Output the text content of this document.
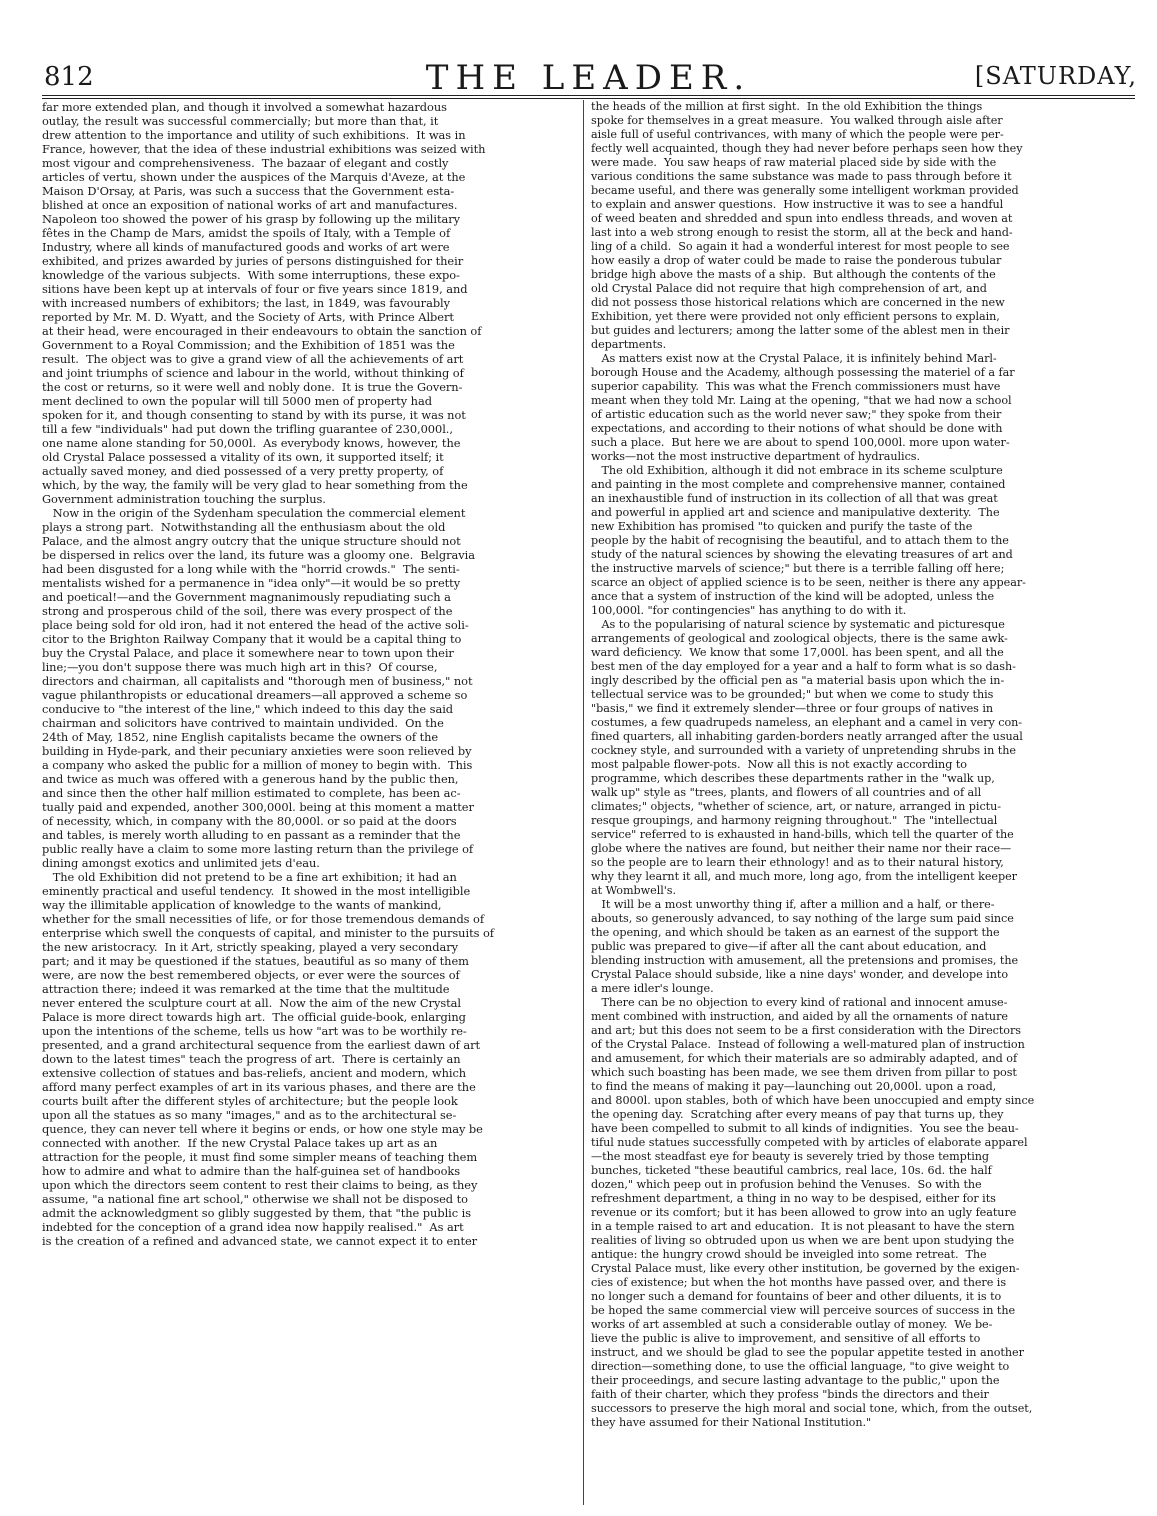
812	THE LEADER.	[SATURDAY,
far more extended plan, and though it involved a somewhat hazardous
outlay, the result was successful commercially; but more than that, it
drew attention to the importance and utility of such exhibitions.  It was in
France, however, that the idea of these industrial exhibitions was seized with
most vigour and comprehensiveness.  The bazaar of elegant and costly
articles of vertu, shown under the auspices of the Marquis d'Aveze, at the
Maison D'Orsay, at Paris, was such a success that the Government esta-
blished at once an exposition of national works of art and manufactures.
Napoleon too showed the power of his grasp by following up the military
fêtes in the Champ de Mars, amidst the spoils of Italy, with a Temple of
Industry, where all kinds of manufactured goods and works of art were
exhibited, and prizes awarded by juries of persons distinguished for their
knowledge of the various subjects.  With some interruptions, these expo-
sitions have been kept up at intervals of four or five years since 1819, and
with increased numbers of exhibitors; the last, in 1849, was favourably
reported by Mr. M. D. Wyatt, and the Society of Arts, with Prince Albert
at their head, were encouraged in their endeavours to obtain the sanction of
Government to a Royal Commission; and the Exhibition of 1851 was the
result.  The object was to give a grand view of all the achievements of art
and joint triumphs of science and labour in the world, without thinking of
the cost or returns, so it were well and nobly done.  It is true the Govern-
ment declined to own the popular will till 5000 men of property had
spoken for it, and though consenting to stand by with its purse, it was not
till a few "individuals" had put down the trifling guarantee of 230,000l.,
one name alone standing for 50,000l.  As everybody knows, however, the
old Crystal Palace possessed a vitality of its own, it supported itself; it
actually saved money, and died possessed of a very pretty property, of
which, by the way, the family will be very glad to hear something from the
Government administration touching the surplus.
Now in the origin of the Sydenham speculation the commercial element
plays a strong part.  Notwithstanding all the enthusiasm about the old
Palace, and the almost angry outcry that the unique structure should not
be dispersed in relics over the land, its future was a gloomy one.  Belgravia
had been disgusted for a long while with the "horrid crowds."  The senti-
mentalists wished for a permanence in "idea only"—it would be so pretty
and poetical!—and the Government magnanimously repudiating such a
strong and prosperous child of the soil, there was every prospect of the
place being sold for old iron, had it not entered the head of the active soli-
citor to the Brighton Railway Company that it would be a capital thing to
buy the Crystal Palace, and place it somewhere near to town upon their
line;—you don't suppose there was much high art in this?  Of course,
directors and chairman, all capitalists and "thorough men of business," not
vague philanthropists or educational dreamers—all approved a scheme so
conducive to "the interest of the line," which indeed to this day the said
chairman and solicitors have contrived to maintain undivided.  On the
24th of May, 1852, nine English capitalists became the owners of the
building in Hyde-park, and their pecuniary anxieties were soon relieved by
a company who asked the public for a million of money to begin with.  This
and twice as much was offered with a generous hand by the public then,
and since then the other half million estimated to complete, has been ac-
tually paid and expended, another 300,000l. being at this moment a matter
of necessity, which, in company with the 80,000l. or so paid at the doors
and tables, is merely worth alluding to en passant as a reminder that the
public really have a claim to some more lasting return than the privilege of
dining amongst exotics and unlimited jets d'eau.
The old Exhibition did not pretend to be a fine art exhibition; it had an
eminently practical and useful tendency.  It showed in the most intelligible
way the illimitable application of knowledge to the wants of mankind,
whether for the small necessities of life, or for those tremendous demands of
enterprise which swell the conquests of capital, and minister to the pursuits of
the new aristocracy.  In it Art, strictly speaking, played a very secondary
part; and it may be questioned if the statues, beautiful as so many of them
were, are now the best remembered objects, or ever were the sources of
attraction there; indeed it was remarked at the time that the multitude
never entered the sculpture court at all.  Now the aim of the new Crystal
Palace is more direct towards high art.  The official guide-book, enlarging
upon the intentions of the scheme, tells us how "art was to be worthily re-
presented, and a grand architectural sequence from the earliest dawn of art
down to the latest times" teach the progress of art.  There is certainly an
extensive collection of statues and bas-reliefs, ancient and modern, which
afford many perfect examples of art in its various phases, and there are the
courts built after the different styles of architecture; but the people look
upon all the statues as so many "images," and as to the architectural se-
quence, they can never tell where it begins or ends, or how one style may be
connected with another.  If the new Crystal Palace takes up art as an
attraction for the people, it must find some simpler means of teaching them
how to admire and what to admire than the half-guinea set of handbooks
upon which the directors seem content to rest their claims to being, as they
assume, "a national fine art school," otherwise we shall not be disposed to
admit the acknowledgment so glibly suggested by them, that "the public is
indebted for the conception of a grand idea now happily realised."  As art
is the creation of a refined and advanced state, we cannot expect it to enter
the heads of the million at first sight.  In the old Exhibition the things
spoke for themselves in a great measure.  You walked through aisle after
aisle full of useful contrivances, with many of which the people were per-
fectly well acquainted, though they had never before perhaps seen how they
were made.  You saw heaps of raw material placed side by side with the
various conditions the same substance was made to pass through before it
became useful, and there was generally some intelligent workman provided
to explain and answer questions.  How instructive it was to see a handful
of weed beaten and shredded and spun into endless threads, and woven at
last into a web strong enough to resist the storm, all at the beck and hand-
ling of a child.  So again it had a wonderful interest for most people to see
how easily a drop of water could be made to raise the ponderous tubular
bridge high above the masts of a ship.  But although the contents of the
old Crystal Palace did not require that high comprehension of art, and
did not possess those historical relations which are concerned in the new
Exhibition, yet there were provided not only efficient persons to explain,
but guides and lecturers; among the latter some of the ablest men in their
departments.
As matters exist now at the Crystal Palace, it is infinitely behind Marl-
borough House and the Academy, although possessing the materiel of a far
superior capability.  This was what the French commissioners must have
meant when they told Mr. Laing at the opening, "that we had now a school
of artistic education such as the world never saw;" they spoke from their
expectations, and according to their notions of what should be done with
such a place.  But here we are about to spend 100,000l. more upon water-
works—not the most instructive department of hydraulics.
The old Exhibition, although it did not embrace in its scheme sculpture
and painting in the most complete and comprehensive manner, contained
an inexhaustible fund of instruction in its collection of all that was great
and powerful in applied art and science and manipulative dexterity.  The
new Exhibition has promised "to quicken and purify the taste of the
people by the habit of recognising the beautiful, and to attach them to the
study of the natural sciences by showing the elevating treasures of art and
the instructive marvels of science;" but there is a terrible falling off here;
scarce an object of applied science is to be seen, neither is there any appear-
ance that a system of instruction of the kind will be adopted, unless the
100,000l. "for contingencies" has anything to do with it.
As to the popularising of natural science by systematic and picturesque
arrangements of geological and zoological objects, there is the same awk-
ward deficiency.  We know that some 17,000l. has been spent, and all the
best men of the day employed for a year and a half to form what is so dash-
ingly described by the official pen as "a material basis upon which the in-
tellectual service was to be grounded;" but when we come to study this
"basis," we find it extremely slender—three or four groups of natives in
costumes, a few quadrupeds nameless, an elephant and a camel in very con-
fined quarters, all inhabiting garden-borders neatly arranged after the usual
cockney style, and surrounded with a variety of unpretending shrubs in the
most palpable flower-pots.  Now all this is not exactly according to
programme, which describes these departments rather in the "walk up,
walk up" style as "trees, plants, and flowers of all countries and of all
climates;" objects, "whether of science, art, or nature, arranged in pictu-
resque groupings, and harmony reigning throughout."  The "intellectual
service" referred to is exhausted in hand-bills, which tell the quarter of the
globe where the natives are found, but neither their name nor their race—
so the people are to learn their ethnology! and as to their natural history,
why they learnt it all, and much more, long ago, from the intelligent keeper
at Wombwell's.
It will be a most unworthy thing if, after a million and a half, or there-
abouts, so generously advanced, to say nothing of the large sum paid since
the opening, and which should be taken as an earnest of the support the
public was prepared to give—if after all the cant about education, and
blending instruction with amusement, all the pretensions and promises, the
Crystal Palace should subside, like a nine days' wonder, and develope into
a mere idler's lounge.
There can be no objection to every kind of rational and innocent amuse-
ment combined with instruction, and aided by all the ornaments of nature
and art; but this does not seem to be a first consideration with the Directors
of the Crystal Palace.  Instead of following a well-matured plan of instruction
and amusement, for which their materials are so admirably adapted, and of
which such boasting has been made, we see them driven from pillar to post
to find the means of making it pay—launching out 20,000l. upon a road,
and 8000l. upon stables, both of which have been unoccupied and empty since
the opening day.  Scratching after every means of pay that turns up, they
have been compelled to submit to all kinds of indignities.  You see the beau-
tiful nude statues successfully competed with by articles of elaborate apparel
—the most steadfast eye for beauty is severely tried by those tempting
bunches, ticketed "these beautiful cambrics, real lace, 10s. 6d. the half
dozen," which peep out in profusion behind the Venuses.  So with the
refreshment department, a thing in no way to be despised, either for its
revenue or its comfort; but it has been allowed to grow into an ugly feature
in a temple raised to art and education.  It is not pleasant to have the stern
realities of living so obtruded upon us when we are bent upon studying the
antique: the hungry crowd should be inveigled into some retreat.  The
Crystal Palace must, like every other institution, be governed by the exigen-
cies of existence; but when the hot months have passed over, and there is
no longer such a demand for fountains of beer and other diluents, it is to
be hoped the same commercial view will perceive sources of success in the
works of art assembled at such a considerable outlay of money.  We be-
lieve the public is alive to improvement, and sensitive of all efforts to
instruct, and we should be glad to see the popular appetite tested in another
direction—something done, to use the official language, "to give weight to
their proceedings, and secure lasting advantage to the public," upon the
faith of their charter, which they profess "binds the directors and their
successors to preserve the high moral and social tone, which, from the outset,
they have assumed for their National Institution."
